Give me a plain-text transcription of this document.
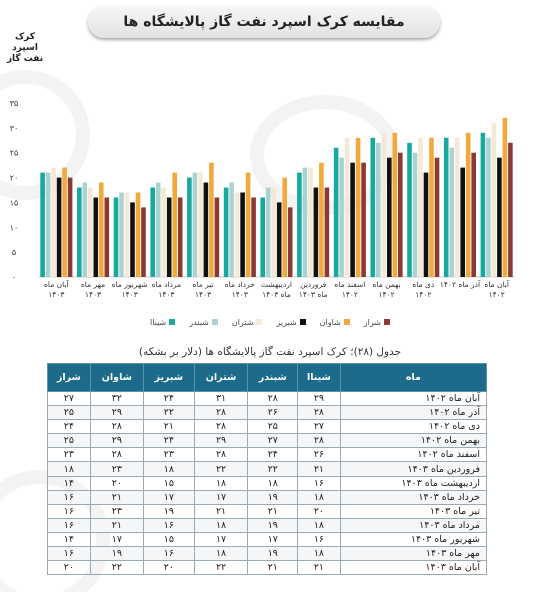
مقایسه کرک اسپرد نفت گاز پالایشگاه ها
کرک اسپرد نفت گاز
۰
۵
۱۰
۱۵
۲۰
۲۵
۳۰
۳۵
آبان ماه
۱۴۰۲
آذر ماه ۱۴۰۲
دی ماه
۱۴۰۲
بهمن ماه
۱۴۰۲
اسفند ماه
۱۴۰۲
فروردین
ماه ۱۴۰۳
اردیبهشت
ماه ۱۴۰۳
خرداد ماه
۱۴۰۳
تیر ماه
۱۴۰۳
مرداد ماه
۱۴۰۳
شهریور ماه
۱۴۰۳
مهر ماه
۱۴۰۳
آبان ماه
۱۴۰۳
شیناا	شبندر	شتران	شبریز	شاوان	شراز
جدول (۲۸)؛ کرک اسپرد نفت گاز پالایشگاه ها (دلار بر بشکه)
ماه	شیناا	شبندر	شتران	شبریز	شاوان	شراز
آبان ماه ۱۴۰۲	۲۹	۲۸	۳۱	۲۴	۳۲	۲۷
آذر ماه ۱۴۰۲	۲۸	۲۶	۲۸	۲۲	۲۹	۲۵
دی ماه ۱۴۰۲	۲۷	۲۵	۲۸	۲۱	۲۸	۲۴
بهمن ماه ۱۴۰۲	۲۸	۲۷	۲۹	۲۴	۲۹	۲۵
اسفند ماه ۱۴۰۲	۲۶	۲۴	۲۸	۲۳	۲۸	۲۳
فروردین ماه ۱۴۰۳	۲۱	۲۲	۲۲	۱۸	۲۳	۱۸
اردیبهشت ماه ۱۴۰۳	۱۶	۱۸	۱۸	۱۵	۲۰	۱۴
خرداد ماه ۱۴۰۳	۱۸	۱۹	۱۷	۱۷	۲۱	۱۶
تیر ماه ۱۴۰۳	۲۰	۲۱	۲۱	۱۹	۲۳	۱۶
مرداد ماه ۱۴۰۳	۱۸	۱۹	۱۸	۱۶	۲۱	۱۶
شهریور ماه ۱۴۰۳	۱۶	۱۷	۱۷	۱۵	۱۷	۱۴
مهر ماه ۱۴۰۳	۱۸	۱۹	۱۸	۱۶	۱۹	۱۶
آبان ماه ۱۴۰۳	۲۱	۲۱	۲۲	۲۰	۲۲	۲۰
